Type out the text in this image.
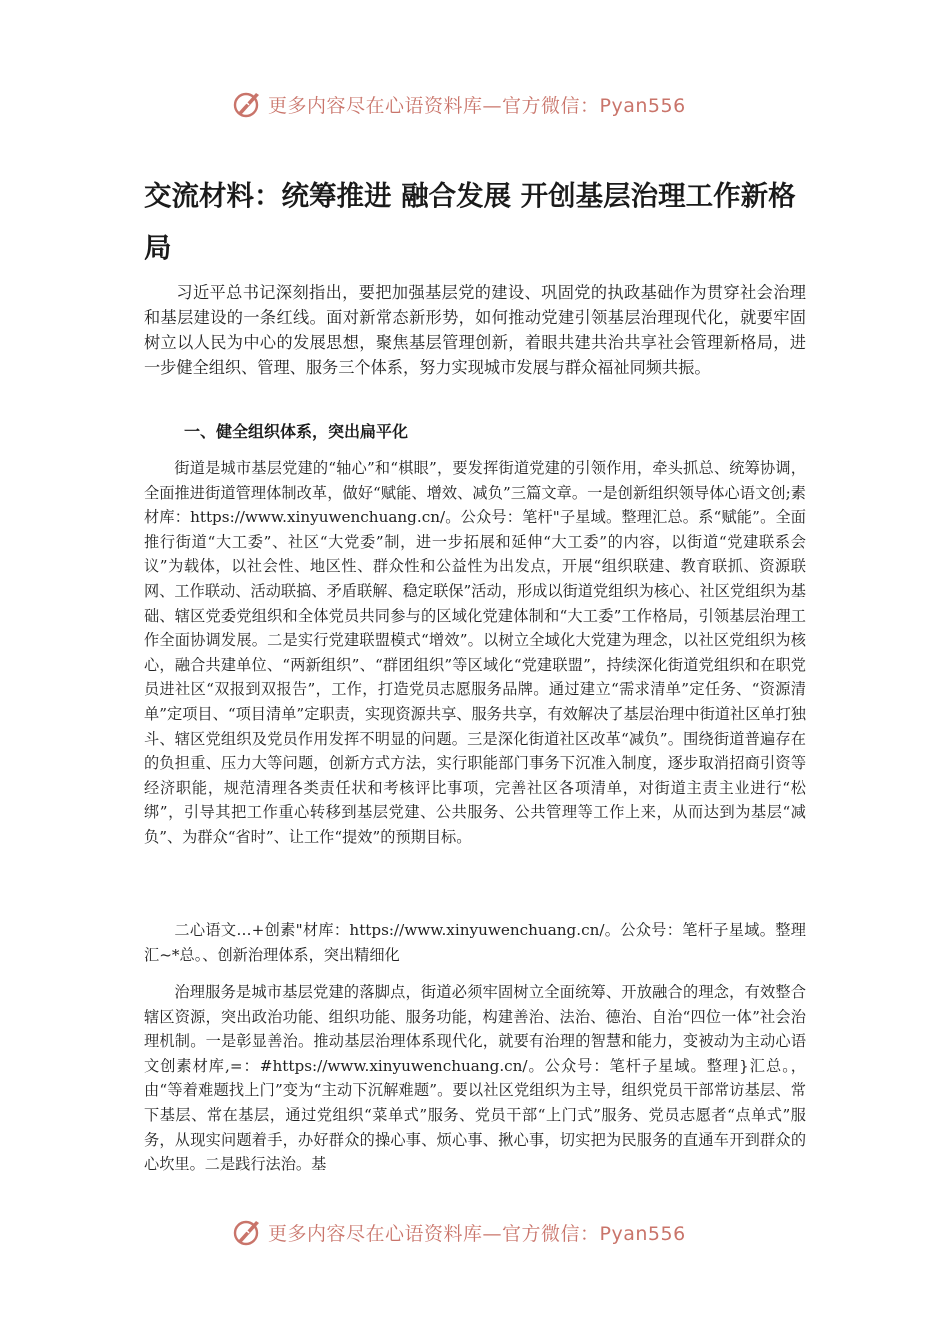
更多内容尽在心语资料库—官方微信：Pyan556
交流材料：统筹推进 融合发展 开创基层治理工作新格局

习近平总书记深刻指出，要把加强基层党的建设、巩固党的执政基础作为贯穿社会治理和基层建设的一条红线。面对新常态新形势，如何推动党建引领基层治理现代化，就要牢固树立以人民为中心的发展思想，聚焦基层管理创新，着眼共建共治共享社会管理新格局，进一步健全组织、管理、服务三个体系，努力实现城市发展与群众福祉同频共振。

一、健全组织体系，突出扁平化

街道是城市基层党建的“轴心”和“棋眼”，要发挥街道党建的引领作用，牵头抓总、统筹协调，全面推进街道管理体制改革，做好“赋能、增效、减负”三篇文章。一是创新组织领导体心语文创;素材库：https://www.xinyuwenchuang.cn/。公众号：笔杆"子星域。整理汇总。系“赋能”。全面推行街道“大工委”、社区“大党委”制，进一步拓展和延伸“大工委”的内容，以街道“党建联系会议”为载体，以社会性、地区性、群众性和公益性为出发点，开展“组织联建、教育联抓、资源联网、工作联动、活动联搞、矛盾联解、稳定联保”活动，形成以街道党组织为核心、社区党组织为基础、辖区党委党组织和全体党员共同参与的区域化党建体制和“大工委”工作格局，引领基层治理工作全面协调发展。二是实行党建联盟模式“增效”。以树立全域化大党建为理念，以社区党组织为核心，融合共建单位、“两新组织”、“群团组织”等区域化“党建联盟”，持续深化街道党组织和在职党员进社区“双报到双报告”，工作，打造党员志愿服务品牌。通过建立“需求清单”定任务、“资源清单”定项目、“项目清单”定职责，实现资源共享、服务共享，有效解决了基层治理中街道社区单打独斗、辖区党组织及党员作用发挥不明显的问题。三是深化街道社区改革“减负”。围绕街道普遍存在的负担重、压力大等问题，创新方式方法，实行职能部门事务下沉准入制度，逐步取消招商引资等经济职能，规范清理各类责任状和考核评比事项，完善社区各项清单，对街道主责主业进行“松绑”，引导其把工作重心转移到基层党建、公共服务、公共管理等工作上来，从而达到为基层“减负”、为群众“省时”、让工作“提效”的预期目标。

二心语文…+创素"材库：https://www.xinyuwenchuang.cn/。公众号：笔杆子星域。整理汇~*总。、创新治理体系，突出精细化

治理服务是城市基层党建的落脚点，街道必须牢固树立全面统筹、开放融合的理念，有效整合辖区资源，突出政治功能、组织功能、服务功能，构建善治、法治、德治、自治“四位一体”社会治理机制。一是彰显善治。推动基层治理体系现代化，就要有治理的智慧和能力，变被动为主动心语文创素材库,=：#https://www.xinyuwenchuang.cn/。公众号：笔杆子星域。整理}汇总。，由“等着难题找上门”变为“主动下沉解难题”。要以社区党组织为主导，组织党员干部常访基层、常下基层、常在基层，通过党组织“菜单式”服务、党员干部“上门式”服务、党员志愿者“点单式”服务，从现实问题着手，办好群众的操心事、烦心事、揪心事，切实把为民服务的直通车开到群众的心坎里。二是践行法治。基

更多内容尽在心语资料库—官方微信：Pyan556
